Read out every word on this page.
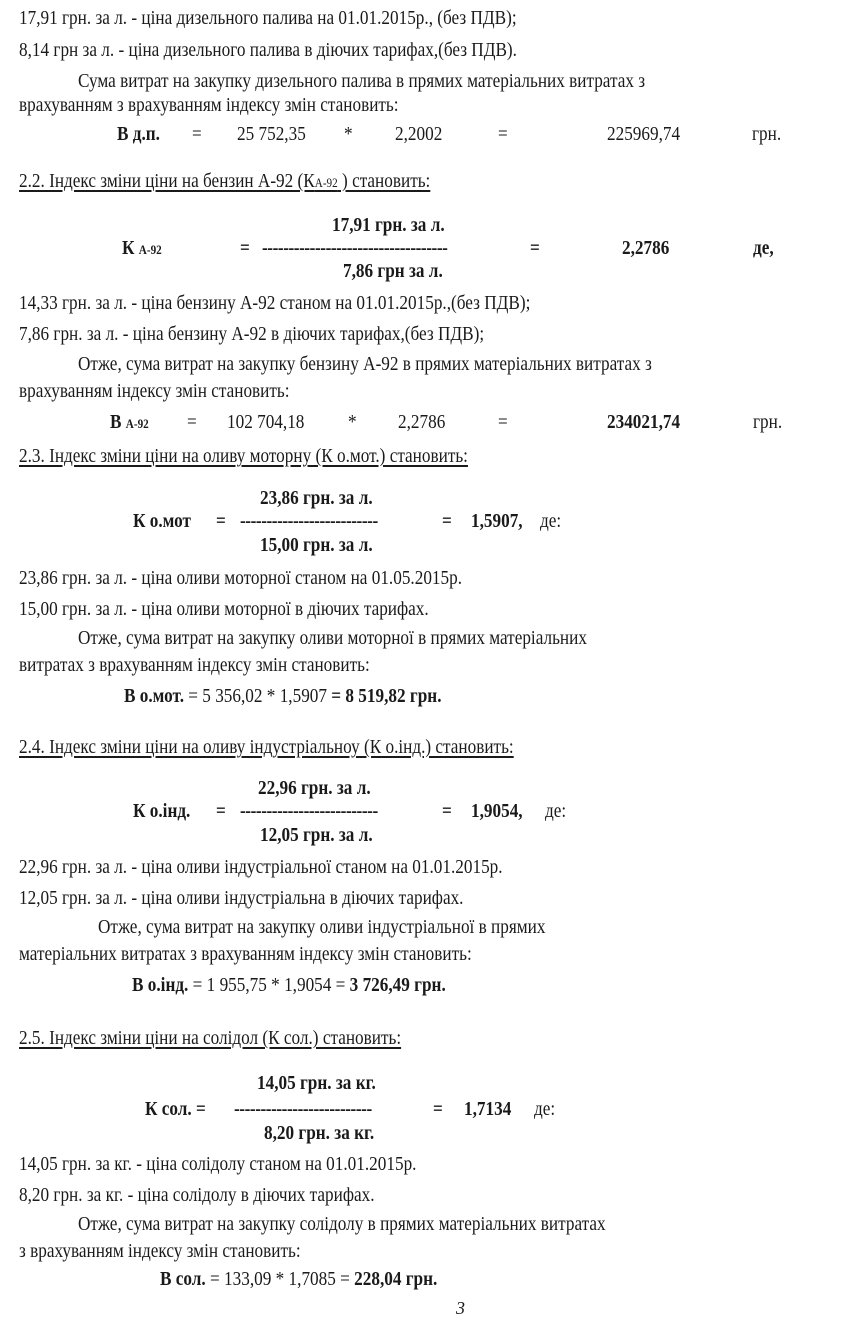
17,91 грн. за л. - ціна дизельного палива на 01.01.2015р., (без ПДВ);
8,14 грн за л. - ціна дизельного палива в діючих тарифах,(без ПДВ).
Сума витрат на закупку дизельного палива в прямих матеріальних витратах з
врахуванням з врахуванням індексу змін становить:
В д.п. = 25 752,35 * 2,2002	=	225969,74	грн.
2.2. Індекс зміни ціни на бензин А-92 (КА-92 ) становить:
17,91 грн. за л.
К А-92	= -----------------------------------	=	2,2786	де,
7,86 грн за л.
14,33 грн. за л. - ціна бензину А-92 станом на 01.01.2015р.,(без ПДВ);
7,86 грн. за л. - ціна бензину А-92 в діючих тарифах,(без ПДВ);
Отже, сума витрат на закупку бензину А-92 в прямих матеріальних витратах з
врахуванням індексу змін становить:
В А-92 = 102 704,18 * 2,2786	=	234021,74	грн.
2.3. Індекс зміни ціни на оливу моторну (К о.мот.) становить:
23,86 грн. за л.
К о.мот = --------------------------	= 1,5907, де:
15,00 грн. за л.
23,86 грн. за л. - ціна оливи моторної станом на 01.05.2015р.
15,00 грн. за л. - ціна оливи моторної в діючих тарифах.
Отже, сума витрат на закупку оливи моторної в прямих матеріальних
витратах з врахуванням індексу змін становить:
В о.мот. = 5 356,02 * 1,5907 = 8 519,82 грн.
2.4. Індекс зміни ціни на оливу індустріальноу (К о.інд.) становить:
22,96 грн. за л.
К о.інд. = --------------------------	= 1,9054, де:
12,05 грн. за л.
22,96 грн. за л. - ціна оливи індустріальної станом на 01.01.2015р.
12,05 грн. за л. - ціна оливи індустріальна в діючих тарифах.
Отже, сума витрат на закупку оливи індустріальної в прямих
матеріальних витратах з врахуванням індексу змін становить:
В о.інд. = 1 955,75 * 1,9054 = 3 726,49 грн.
2.5. Індекс зміни ціни на солідол (К сол.) становить:
14,05 грн. за кг.
К сол. = --------------------------	= 1,7134 де:
8,20 грн. за кг.
14,05 грн. за кг. - ціна солідолу станом на 01.01.2015р.
8,20 грн. за кг. - ціна солідолу в діючих тарифах.
Отже, сума витрат на закупку солідолу в прямих матеріальних витратах
з врахуванням індексу змін становить:
В сол. = 133,09 * 1,7085 = 228,04 грн.
3
